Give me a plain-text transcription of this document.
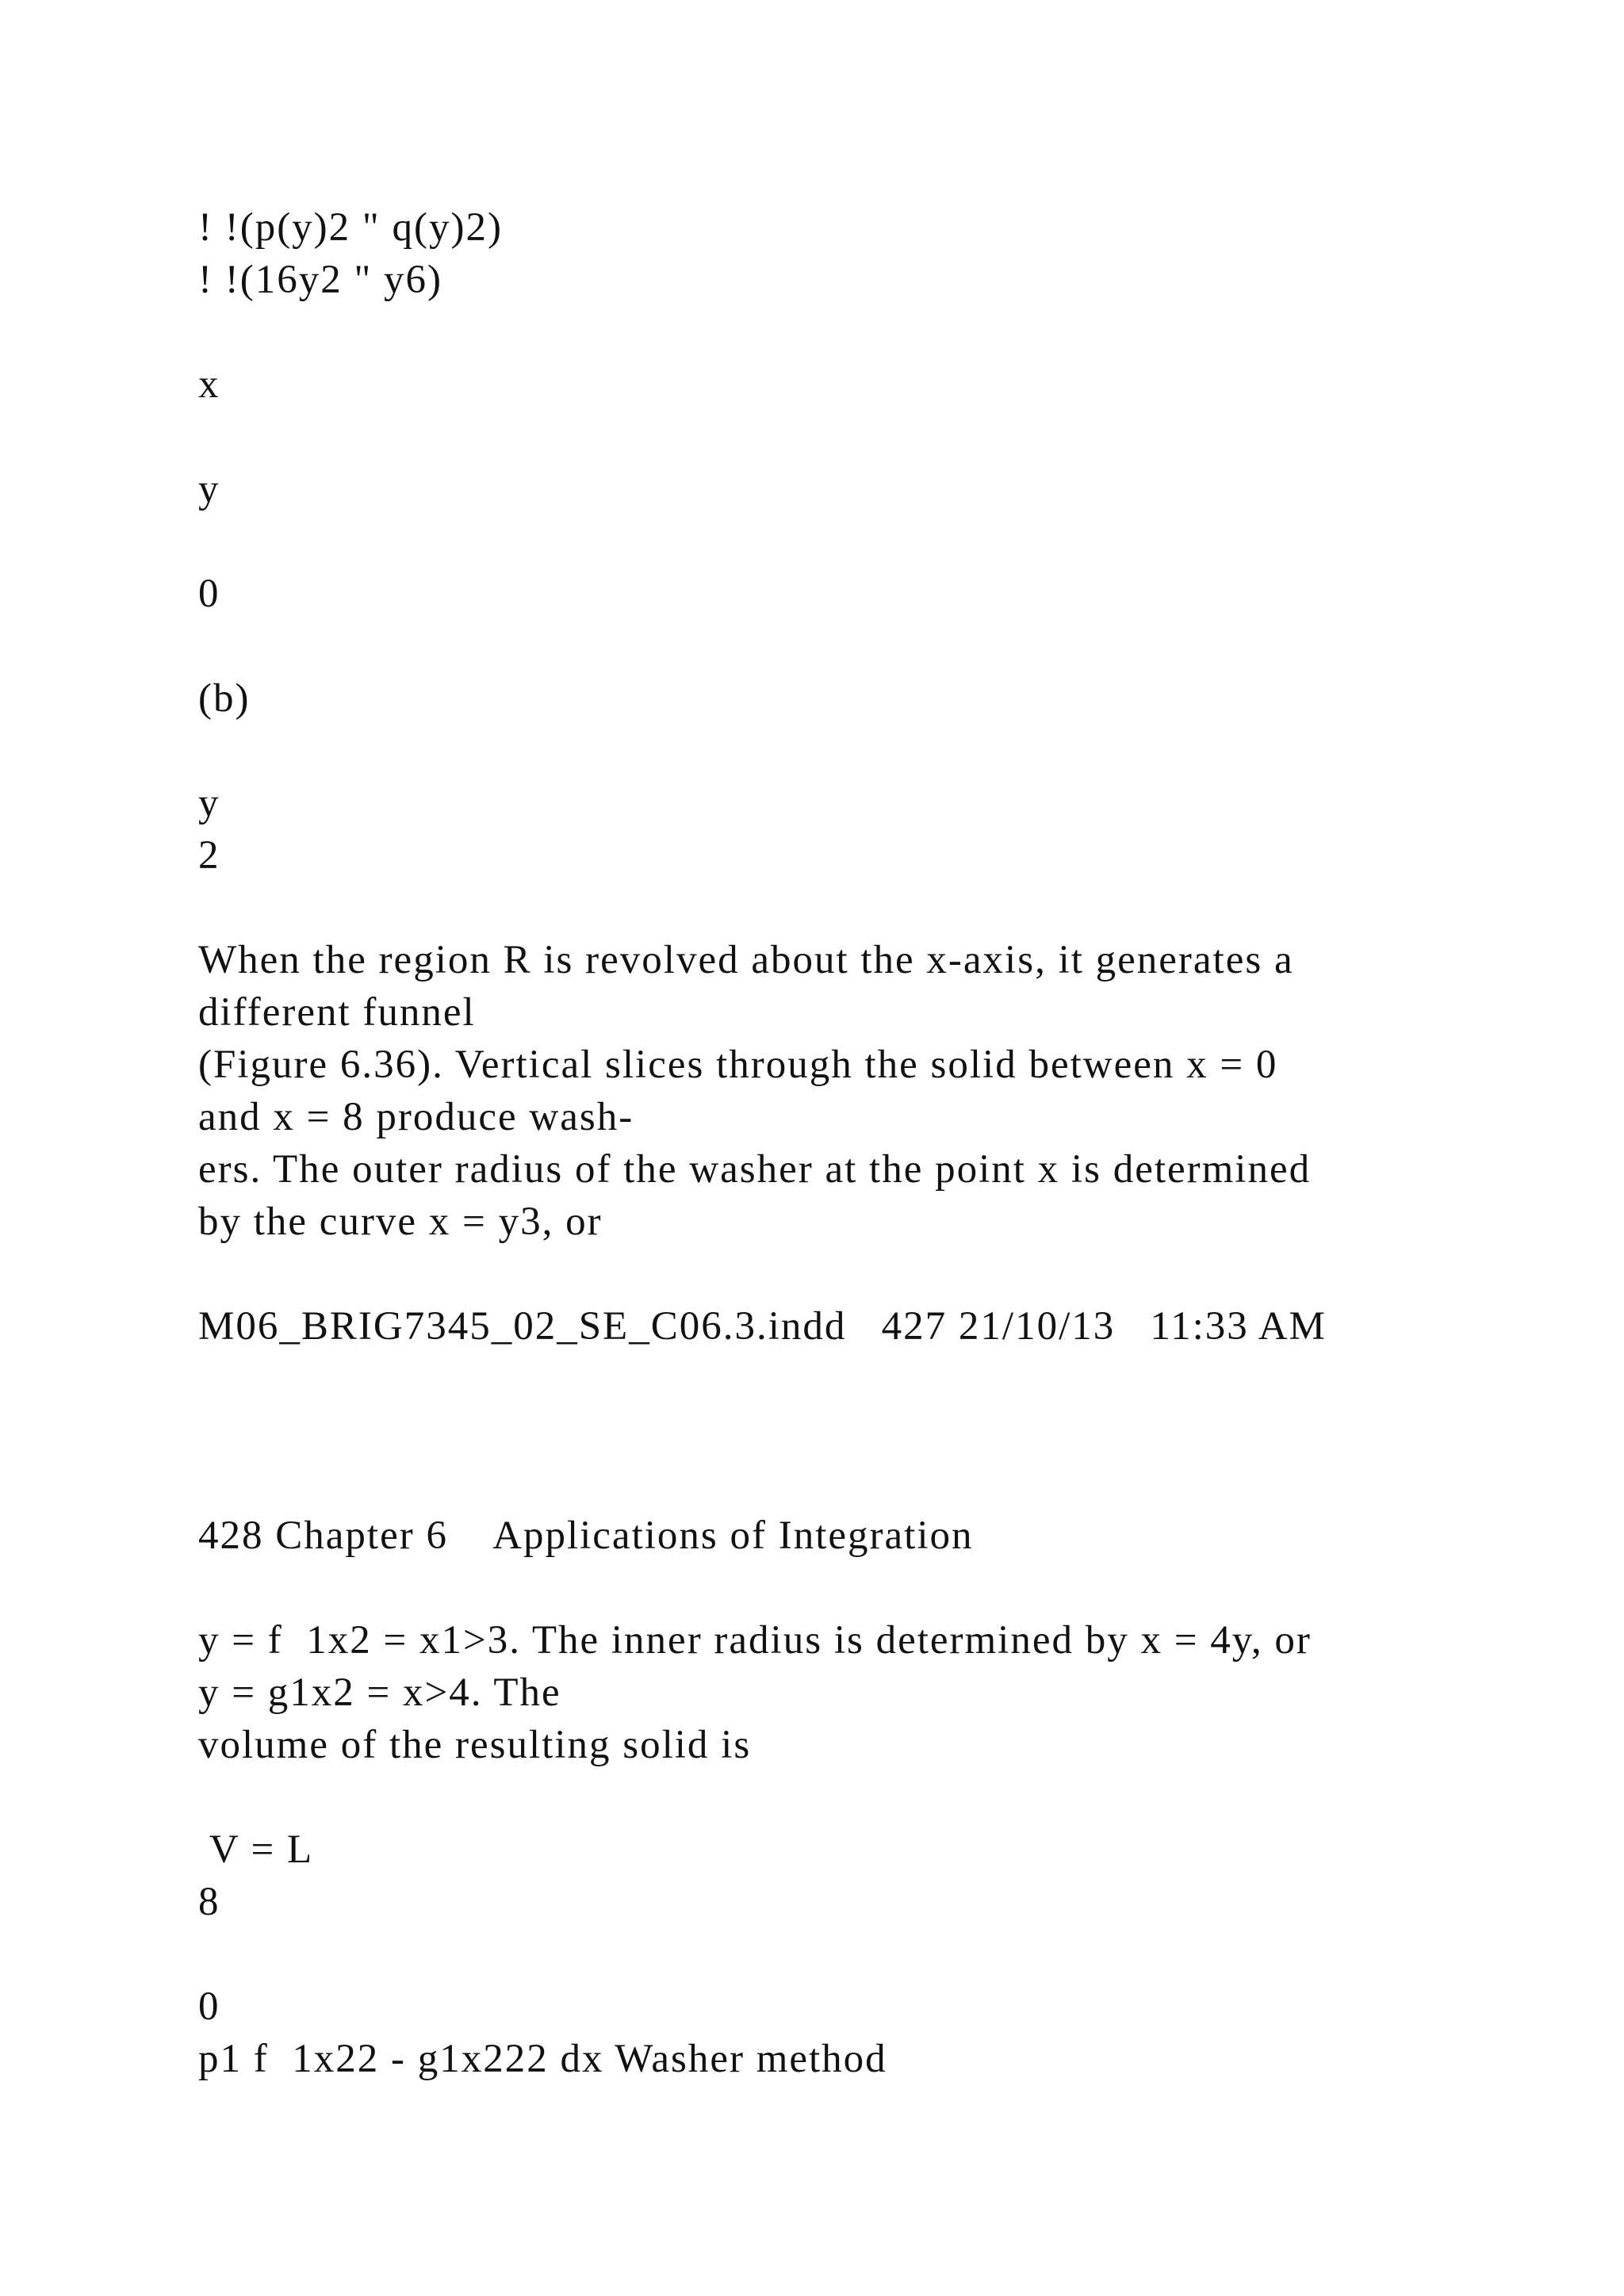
! !(p(y)2 " q(y)2)
! !(16y2 " y6)
x
y
0
(b)
y
2
When the region R is revolved about the x-axis, it generates a
different funnel
(Figure 6.36). Vertical slices through the solid between x = 0
and x = 8 produce wash-
ers. The outer radius of the washer at the point x is determined
by the curve x = y3, or
M06_BRIG7345_02_SE_C06.3.indd   427 21/10/13   11:33 AM
428 Chapter 6    Applications of Integration
y = f  1x2 = x1>3. The inner radius is determined by x = 4y, or
y = g1x2 = x>4. The
volume of the resulting solid is
V = L
8
0
p1 f  1x22 - g1x222 dx Washer method
